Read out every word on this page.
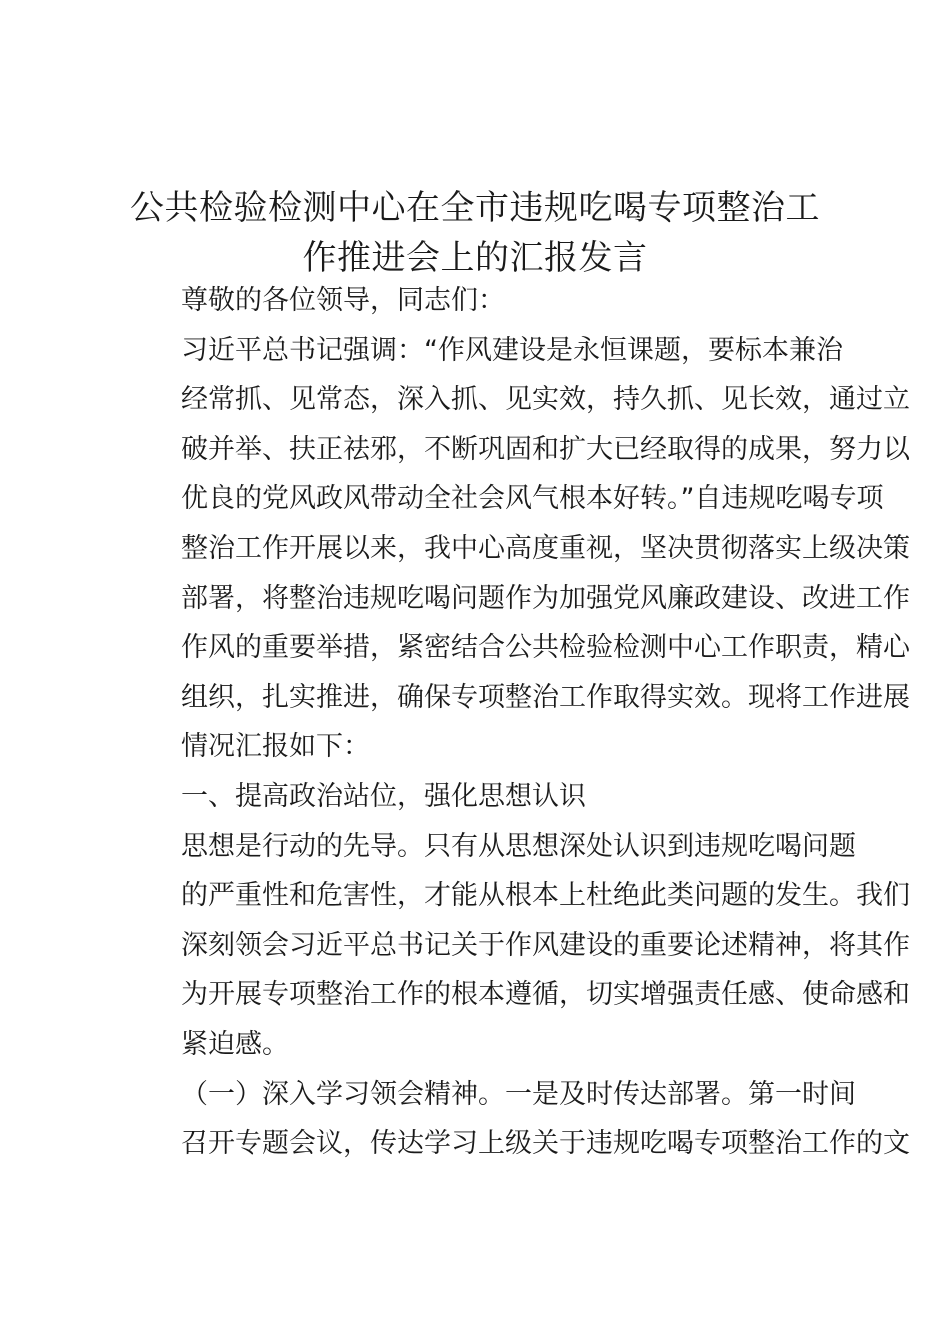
公共检验检测中心在全市违规吃喝专项整治工
作推进会上的汇报发言
尊敬的各位领导，同志们：
习近平总书记强调：“作风建设是永恒课题，要标本兼治
经常抓、见常态，深入抓、见实效，持久抓、见长效，通过立
破并举、扶正祛邪，不断巩固和扩大已经取得的成果，努力以
优良的党风政风带动全社会风气根本好转。”自违规吃喝专项
整治工作开展以来，我中心高度重视，坚决贯彻落实上级决策
部署，将整治违规吃喝问题作为加强党风廉政建设、改进工作
作风的重要举措，紧密结合公共检验检测中心工作职责，精心
组织，扎实推进，确保专项整治工作取得实效。现将工作进展
情况汇报如下：
一、提高政治站位，强化思想认识
思想是行动的先导。只有从思想深处认识到违规吃喝问题
的严重性和危害性，才能从根本上杜绝此类问题的发生。我们
深刻领会习近平总书记关于作风建设的重要论述精神，将其作
为开展专项整治工作的根本遵循，切实增强责任感、使命感和
紧迫感。
（一）深入学习领会精神。一是及时传达部署。第一时间
召开专题会议，传达学习上级关于违规吃喝专项整治工作的文
